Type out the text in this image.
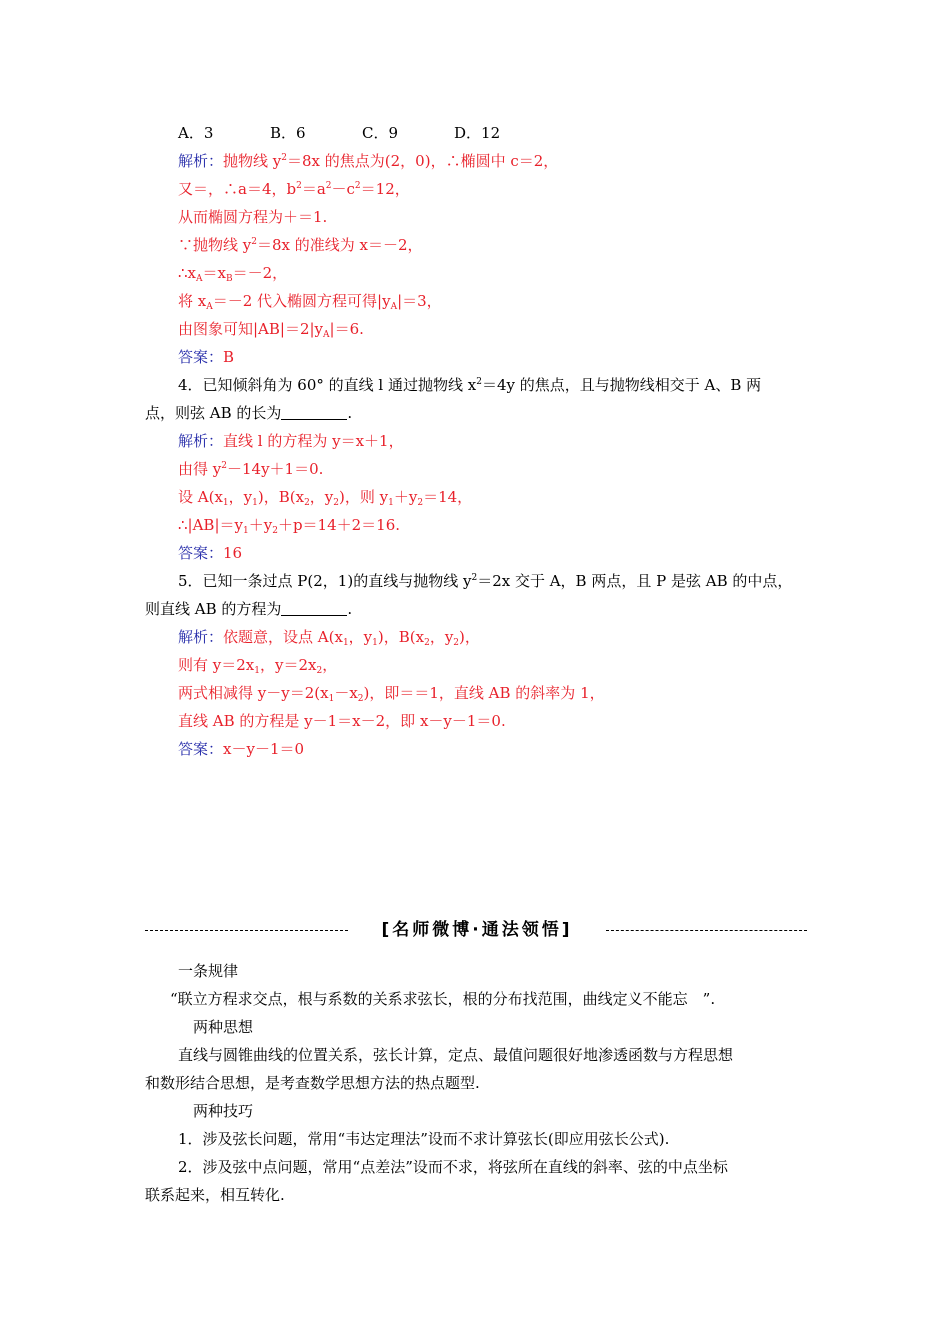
A．3	B．6	C．9	D．12
解析：抛物线 $y^2=8x$ 的焦点为(2，0)，∴椭圆中 c＝2，
又＝，∴a＝4，$b^2=a^2-c^2=12$，
从而椭圆方程为＋＝1.
∵抛物线 $y^2=8x$ 的准线为 x＝－2，
$\therefore x_A=x_B=-2$，
将 $x_A=-2$ 代入椭圆方程可得$|y_A|=3$，
由图象可知$|AB|=2|y_A|=6$.
答案：B
4．已知倾斜角为 60° 的直线 l 通过抛物线 $x^2=4y$ 的焦点，且与抛物线相交于 A、B 两
点，则弦 AB 的长为	.
解析：直线 l 的方程为 y＝x＋1，
由得 $y^2-14y+1=0$.
设 $A(x_1$，$y_1$)，$B(x_2$，$y_2$)，则 $y_1+y_2=14$，
$\therefore|AB|=y_1+y_2+p=14+2=16$.
答案：16
5．已知一条过点 P(2，1)的直线与抛物线 $y^2=2x$ 交于 A，B 两点，且 P 是弦 AB 的中点，
则直线 AB 的方程为	.
解析：依题意，设点 $A(x_1$，$y_1$)，$B(x_2$，$y_2$)，
则有 $y=2x_1$，$y=2x_2$，
两式相减得 $y-y=2(x_1-x_2)$，即＝＝1，直线 AB 的斜率为 1，
直线 AB 的方程是 y－1＝x－2，即 x－y－1＝0.
答案：x－y－1＝0
[名师微博·通法领悟]
一条规律
“联立方程求交点，根与系数的关系求弦长，根的分布找范围，曲线定义不能忘　”.
两种思想
直线与圆锥曲线的位置关系，弦长计算，定点、最值问题很好地渗透函数与方程思想
和数形结合思想，是考查数学思想方法的热点题型.
两种技巧
1．涉及弦长问题，常用“韦达定理法”设而不求计算弦长(即应用弦长公式).
2．涉及弦中点问题，常用“点差法”设而不求，将弦所在直线的斜率、弦的中点坐标
联系起来，相互转化.
